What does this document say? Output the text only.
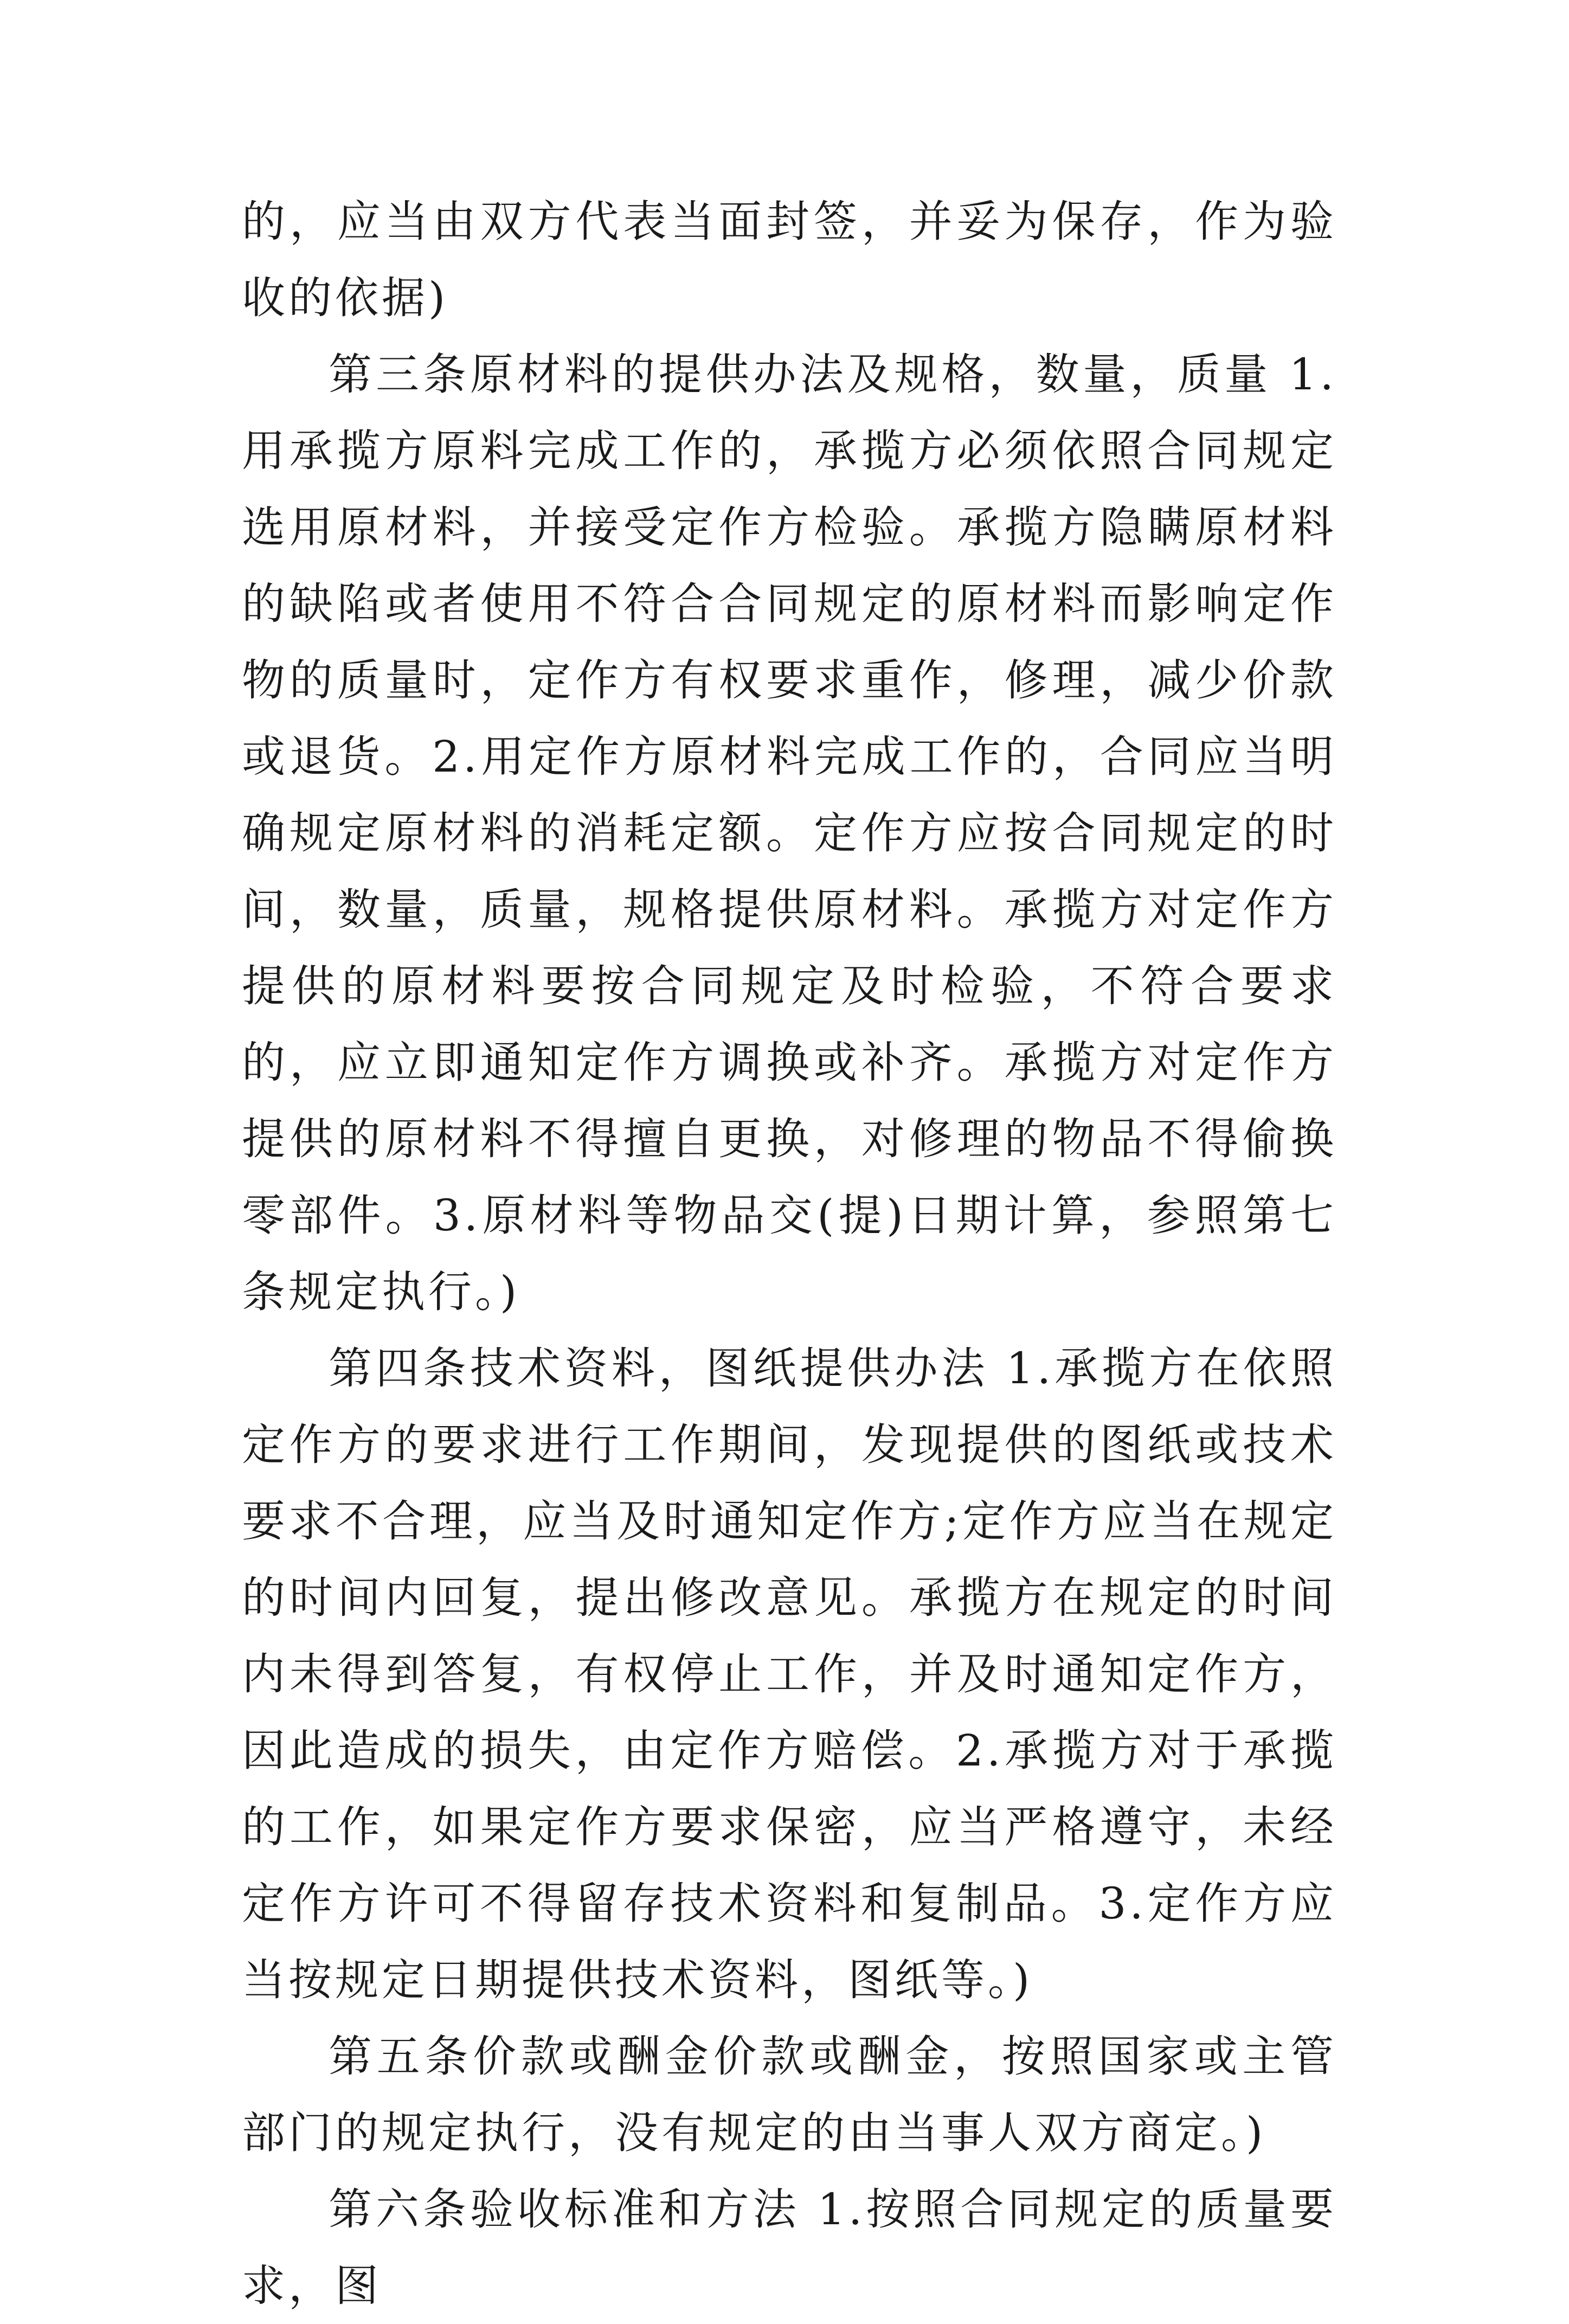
的，应当由双方代表当面封签，并妥为保存，作为验收的依据)

第三条原材料的提供办法及规格，数量，质量 1.用承揽方原料完成工作的，承揽方必须依照合同规定选用原材料，并接受定作方检验。承揽方隐瞒原材料的缺陷或者使用不符合合同规定的原材料而影响定作物的质量时，定作方有权要求重作，修理，减少价款或退货。2.用定作方原材料完成工作的，合同应当明确规定原材料的消耗定额。定作方应按合同规定的时间，数量，质量，规格提供原材料。承揽方对定作方提供的原材料要按合同规定及时检验，不符合要求的，应立即通知定作方调换或补齐。承揽方对定作方提供的原材料不得擅自更换，对修理的物品不得偷换零部件。3.原材料等物品交(提)日期计算，参照第七条规定执行。)

第四条技术资料，图纸提供办法 1.承揽方在依照定作方的要求进行工作期间，发现提供的图纸或技术要求不合理，应当及时通知定作方;定作方应当在规定的时间内回复，提出修改意见。承揽方在规定的时间内未得到答复，有权停止工作，并及时通知定作方，因此造成的损失，由定作方赔偿。2.承揽方对于承揽的工作，如果定作方要求保密，应当严格遵守，未经定作方许可不得留存技术资料和复制品。3.定作方应当按规定日期提供技术资料，图纸等。)

第五条价款或酬金价款或酬金，按照国家或主管部门的规定执行，没有规定的由当事人双方商定。)

第六条验收标准和方法 1.按照合同规定的质量要求，图
